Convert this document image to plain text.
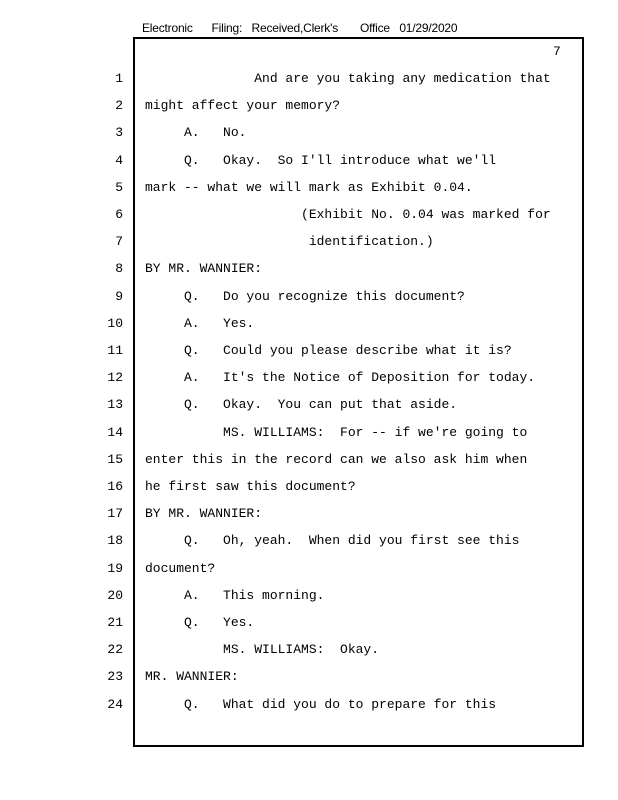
Electronic Filing: Received,Clerk's Office 01/29/2020
7
1 And are you taking any medication that
2 might affect your memory?
3 A.   No.
4 Q.   Okay.  So I'll introduce what we'll
5 mark -- what we will mark as Exhibit 0.04.
6 (Exhibit No. 0.04 was marked for
7 identification.)
8 BY MR. WANNIER:
9 Q.   Do you recognize this document?
10 A.   Yes.
11 Q.   Could you please describe what it is?
12 A.   It's the Notice of Deposition for today.
13 Q.   Okay.  You can put that aside.
14 MS. WILLIAMS:  For -- if we're going to
15 enter this in the record can we also ask him when
16 he first saw this document?
17 BY MR. WANNIER:
18 Q.   Oh, yeah.  When did you first see this
19 document?
20 A.   This morning.
21 Q.   Yes.
22 MS. WILLIAMS:  Okay.
23 MR. WANNIER:
24 Q.   What did you do to prepare for this
